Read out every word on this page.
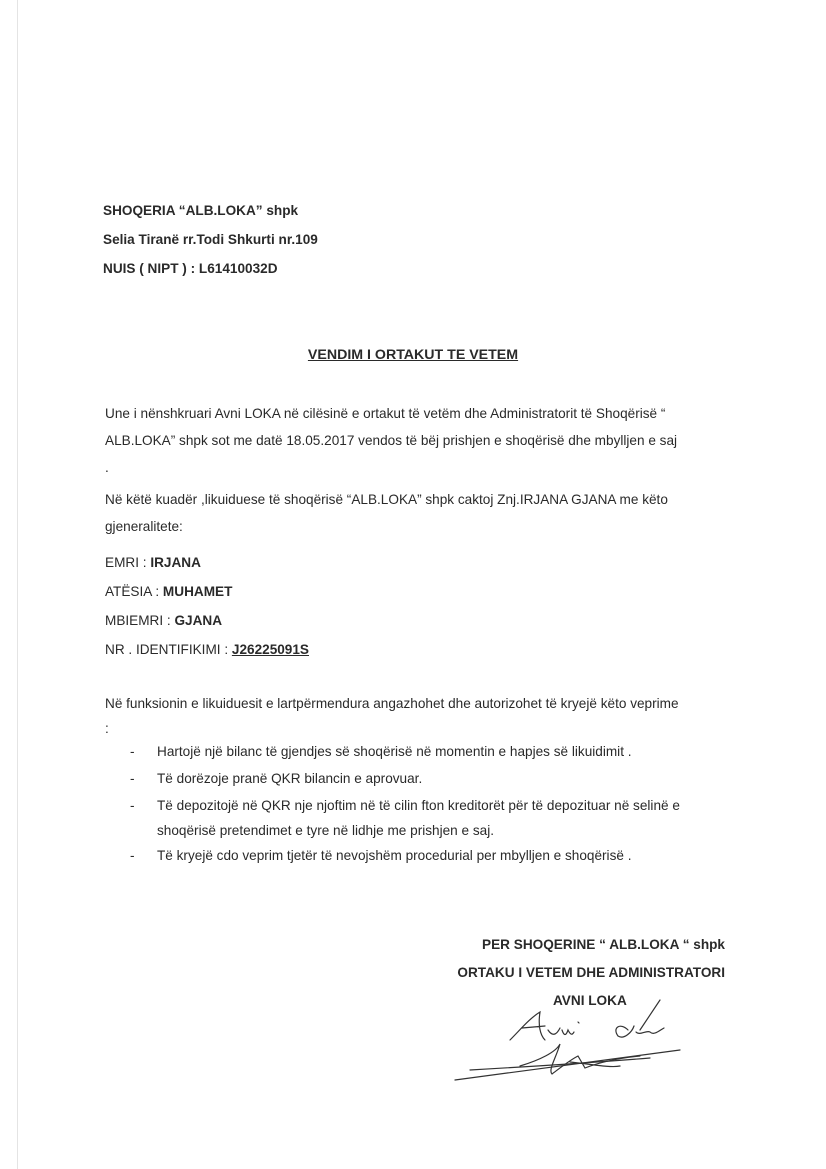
SHOQERIA “ALB.LOKA” shpk
Selia Tiranë rr.Todi Shkurti nr.109
NUIS ( NIPT ) : L61410032D
VENDIM I ORTAKUT TE VETEM
Une i nënshkruari Avni LOKA në cilësinë e ortakut të vetëm dhe Administratorit të Shoqërisë “
ALB.LOKA” shpk sot me datë 18.05.2017 vendos të bëj prishjen e shoqërisë dhe mbylljen e saj
.
Në këtë kuadër ,likuiduese të shoqërisë “ALB.LOKA” shpk caktoj Znj.IRJANA GJANA me këto
gjeneralitete:
EMRI : IRJANA
ATËSIA : MUHAMET
MBIEMRI : GJANA
NR . IDENTIFIKIMI : J26225091S
Në funksionin e likuiduesit e lartpërmendura angazhohet dhe autorizohet të kryejë këto veprime
:
- Hartojë një bilanc të gjendjes së shoqërisë në momentin e hapjes së likuidimit .
- Të dorëzoje pranë QKR bilancin e aprovuar.
- Të depozitojë në QKR nje njoftim në të cilin fton kreditorët për të depozituar në selinë e
shoqërisë pretendimet e tyre në lidhje me prishjen e saj.
- Të kryejë cdo veprim tjetër të nevojshëm procedurial per mbylljen e shoqërisë .
PER SHOQERINE “ ALB.LOKA “ shpk
ORTAKU I VETEM DHE ADMINISTRATORI
AVNI LOKA
